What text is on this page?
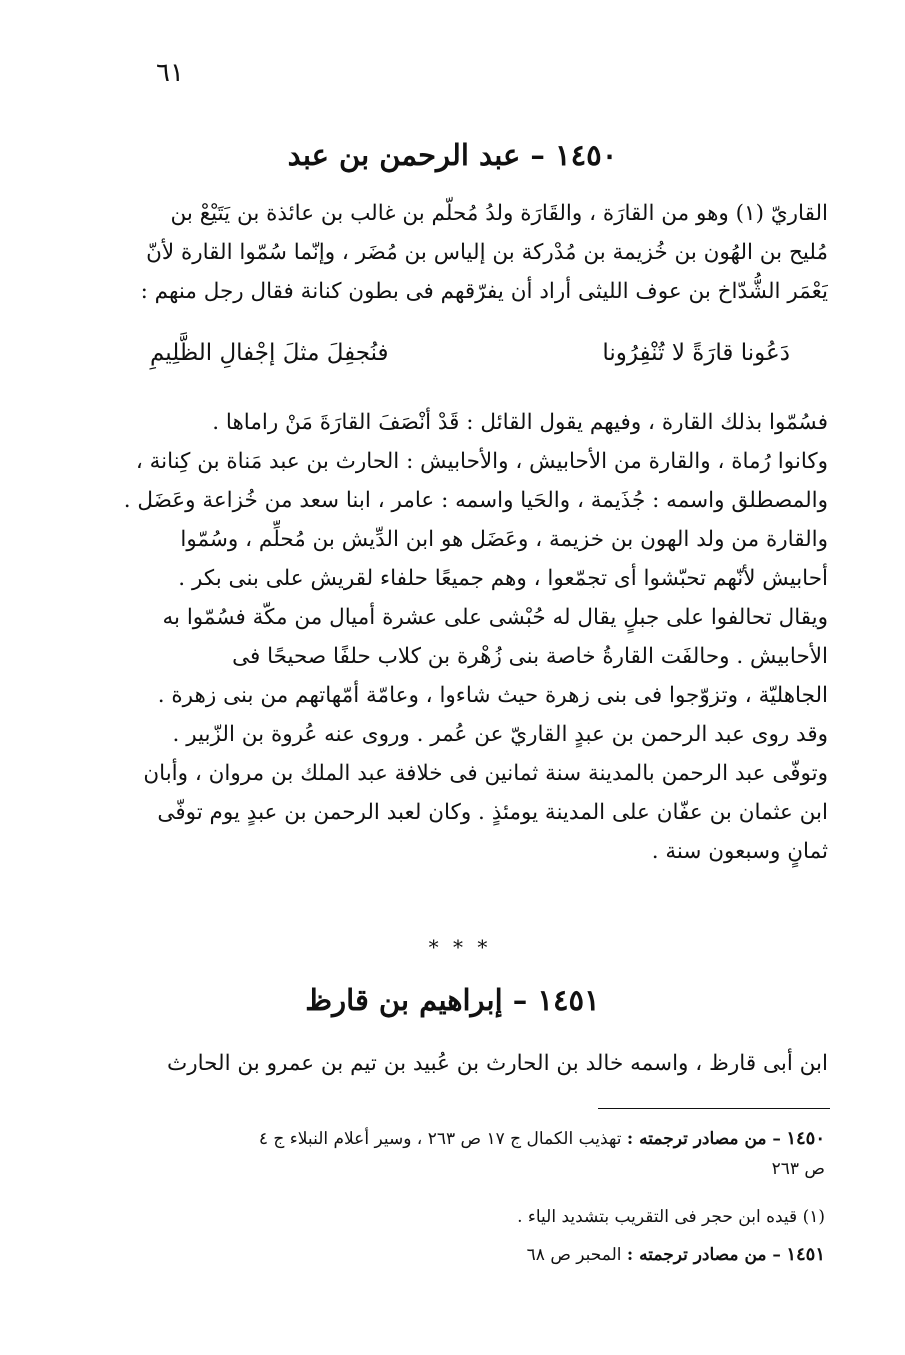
٦١
١٤٥٠ – عبد الرحمن بن عبد
القاريّ (١) وهو من القارَة ، والقَارَة ولدُ مُحلّم بن غالب بن عائذة بن يَتَيْعْ بن
مُليح بن الهُون بن خُزيمة بن مُدْركة بن إلياس بن مُضَر ، وإنّما سُمّوا القارة لأنّ
يَعْمَر الشُّدّاخ بن عوف الليثى أراد أن يفرّقهم فى بطون كنانة فقال رجل منهم :
دَعُونا قارَةً لا تُنْفِرُونا
فنُجفِلَ مثلَ إجْفالِ الظَّلِيمِ
فسُمّوا بذلك القارة ، وفيهم يقول القائل : قَدْ أنْصَفَ القارَةَ مَنْ راماها .
وكانوا رُماة ، والقارة من الأحابيش ، والأحابيش : الحارث بن عبد مَناة بن كِنانة ،
والمصطلق واسمه : جُذَيمة ، والحَيا واسمه : عامر ، ابنا سعد من خُزاعة وعَضَل .
والقارة من ولد الهون بن خزيمة ، وعَضَل هو ابن الدِّيش بن مُحلِّم ، وسُمّوا
أحابيش لأنّهم تحبّشوا أى تجمّعوا ، وهم جميعًا حلفاء لقريش على بنى بكر .
ويقال تحالفوا على جبلٍ يقال له حُبْشى على عشرة أميال من مكّة فسُمّوا به
الأحابيش . وحالفَت القارةُ خاصة بنى زُهْرة بن كلاب حلفًا صحيحًا فى
الجاهليّة ، وتزوّجوا فى بنى زهرة حيث شاءوا ، وعامّة أمّهاتهم من بنى زهرة .
وقد روى عبد الرحمن بن عبدٍ القاريّ عن عُمر . وروى عنه عُروة بن الزّبير .
وتوفّى عبد الرحمن بالمدينة سنة ثمانين فى خلافة عبد الملك بن مروان ، وأبان
ابن عثمان بن عفّان على المدينة يومئذٍ . وكان لعبد الرحمن بن عبدٍ يوم توفّى
ثمانٍ وسبعون سنة .
* * *
١٤٥١ – إبراهيم بن قارظ
ابن أبى قارظ ، واسمه خالد بن الحارث بن عُبيد بن تيم بن عمرو بن الحارث
١٤٥٠ – من مصادر ترجمته : تهذيب الكمال ج ١٧ ص ٢٦٣ ، وسير أعلام النبلاء ج ٤
ص ٢٦٣
(١) قيده ابن حجر فى التقريب بتشديد الياء .
١٤٥١ – من مصادر ترجمته : المحبر ص ٦٨
